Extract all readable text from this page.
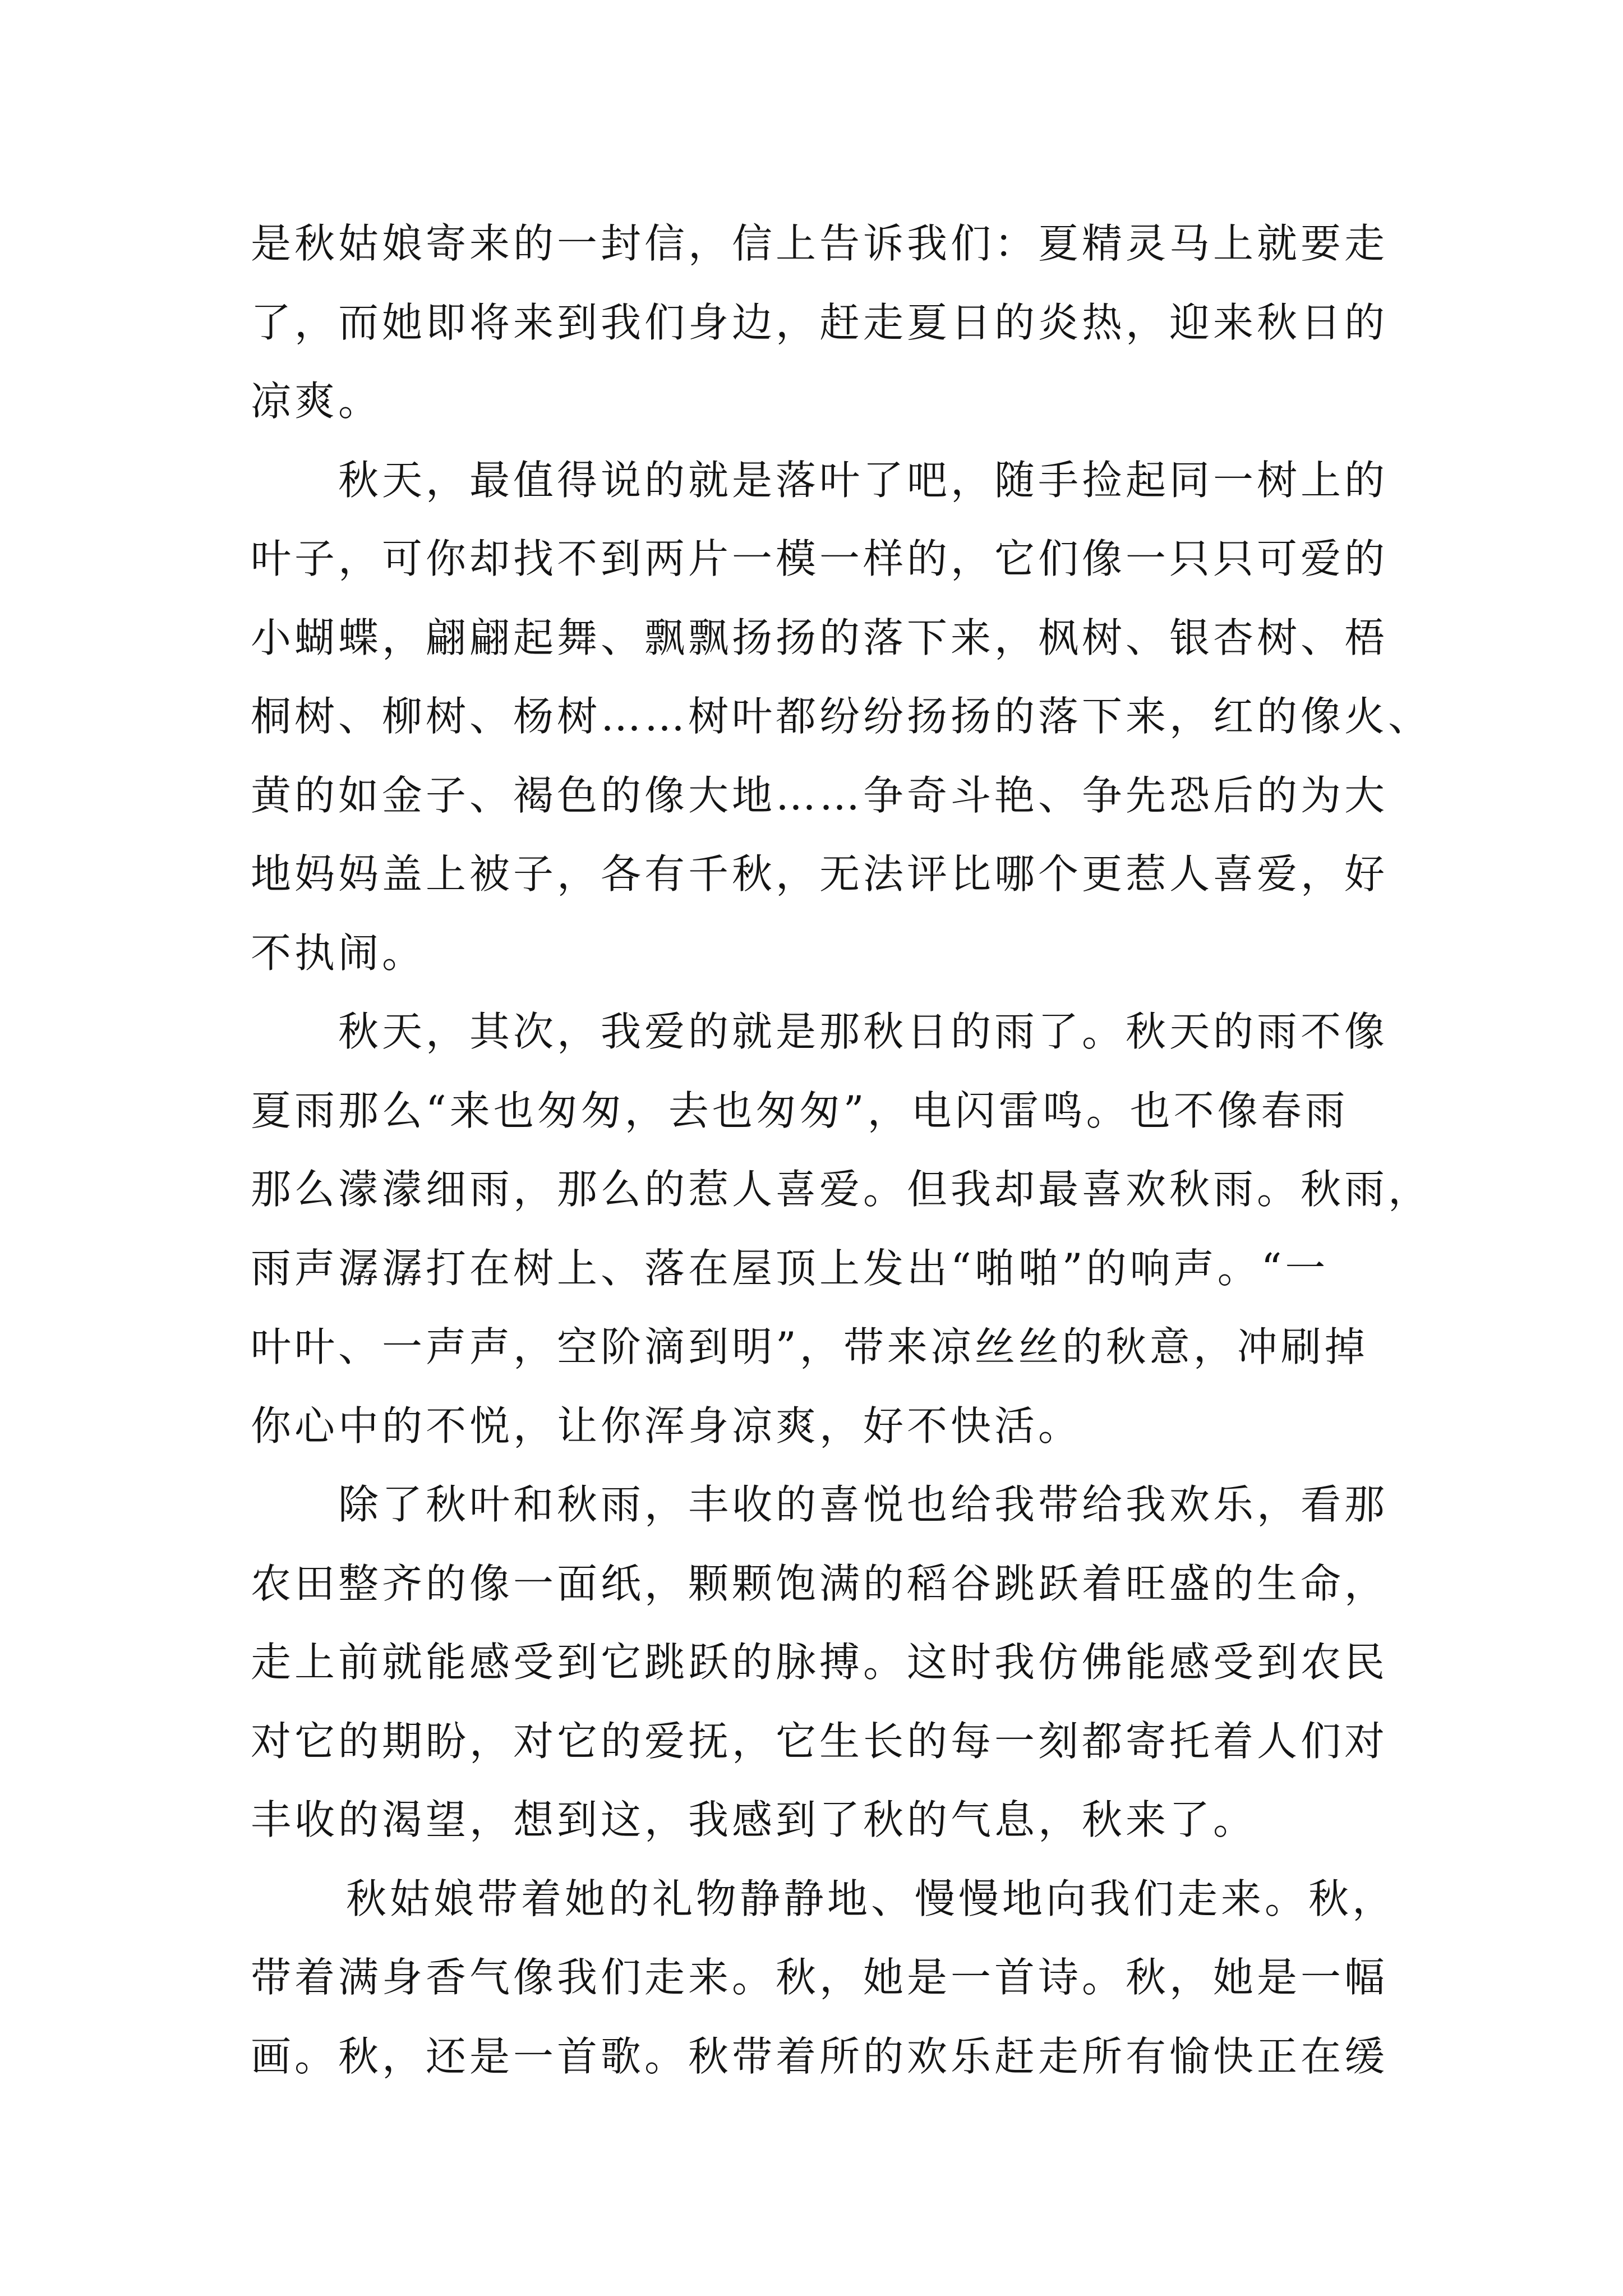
是秋姑娘寄来的一封信，信上告诉我们：夏精灵马上就要走
了，而她即将来到我们身边，赶走夏日的炎热，迎来秋日的
凉爽。
秋天，最值得说的就是落叶了吧，随手捡起同一树上的
叶子，可你却找不到两片一模一样的，它们像一只只可爱的
小蝴蝶，翩翩起舞、飘飘扬扬的落下来，枫树、银杏树、梧
桐树、柳树、杨树……树叶都纷纷扬扬的落下来，红的像火、
黄的如金子、褐色的像大地……争奇斗艳、争先恐后的为大
地妈妈盖上被子，各有千秋，无法评比哪个更惹人喜爱，好
不执闹。
秋天，其次，我爱的就是那秋日的雨了。秋天的雨不像
夏雨那么“来也匆匆，去也匆匆”，电闪雷鸣。也不像春雨
那么濛濛细雨，那么的惹人喜爱。但我却最喜欢秋雨。秋雨，
雨声潺潺打在树上、落在屋顶上发出“啪啪”的响声。“一
叶叶、一声声，空阶滴到明”，带来凉丝丝的秋意，冲刷掉
你心中的不悦，让你浑身凉爽，好不快活。
除了秋叶和秋雨，丰收的喜悦也给我带给我欢乐，看那
农田整齐的像一面纸，颗颗饱满的稻谷跳跃着旺盛的生命，
走上前就能感受到它跳跃的脉搏。这时我仿佛能感受到农民
对它的期盼，对它的爱抚，它生长的每一刻都寄托着人们对
丰收的渴望，想到这，我感到了秋的气息，秋来了。
秋姑娘带着她的礼物静静地、慢慢地向我们走来。秋，
带着满身香气像我们走来。秋，她是一首诗。秋，她是一幅
画。秋，还是一首歌。秋带着所的欢乐赶走所有愉快正在缓
